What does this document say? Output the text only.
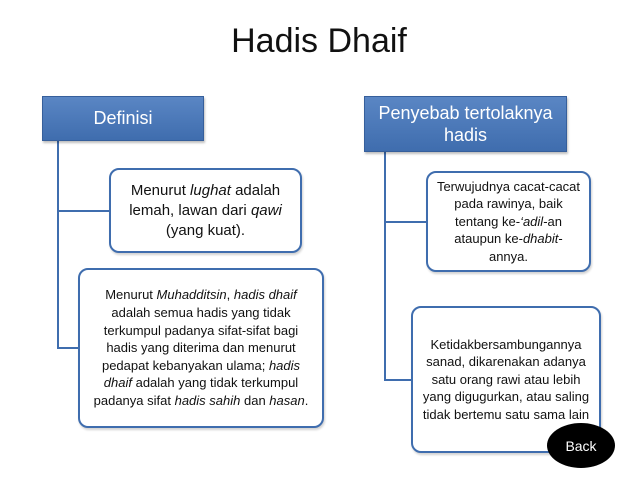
Hadis Dhaif
Definisi	Penyebab tertolaknya
hadis
Menurut lughat adalah lemah, lawan dari qawi (yang kuat).
Menurut Muhadditsin, hadis dhaif adalah semua hadis yang tidak terkumpul padanya sifat-sifat bagi hadis yang diterima dan menurut pedapat kebanyakan ulama; hadis dhaif adalah yang tidak terkumpul padanya sifat hadis sahih dan hasan.
Terwujudnya cacat-cacat pada rawinya, baik tentang ke-‘adil-an ataupun ke-dhabit-annya.
Ketidakbersambungannya sanad, dikarenakan adanya satu orang rawi atau lebih yang digugurkan, atau saling tidak bertemu satu sama lain
Back
